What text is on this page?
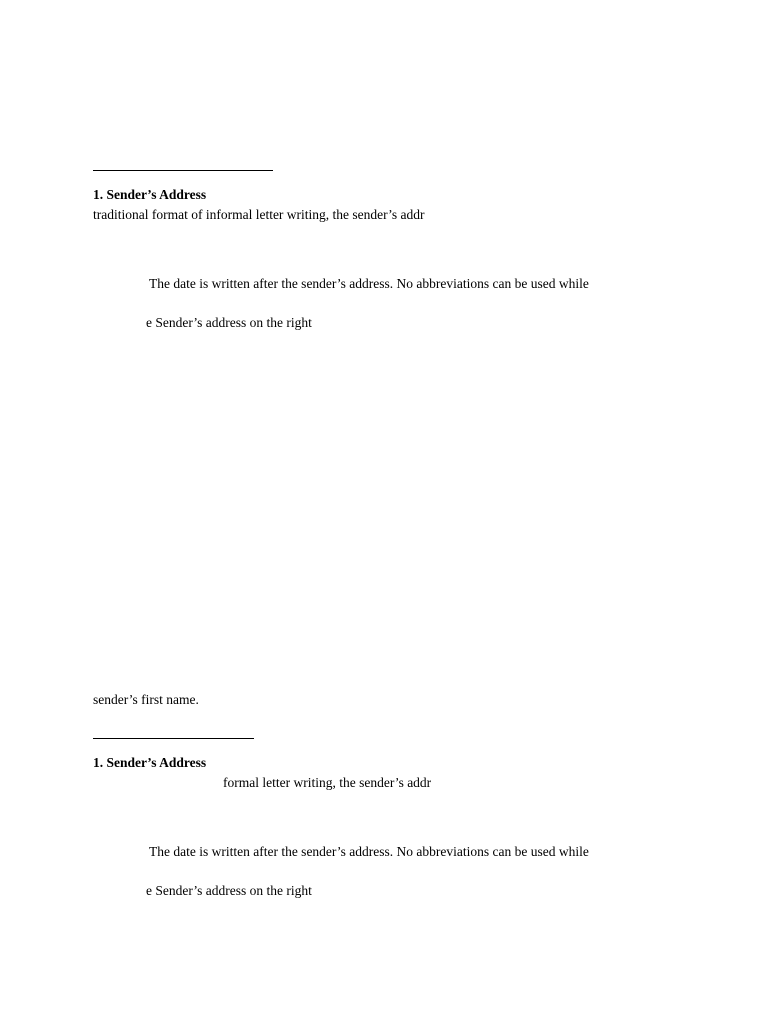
1. Sender’s Address
traditional format of informal letter writing, the sender’s addr
The date is written after the sender’s address. No abbreviations can be used while
e Sender’s address on the right
sender’s first name.
1. Sender’s Address
formal letter writing, the sender’s addr
The date is written after the sender’s address. No abbreviations can be used while
e Sender’s address on the right
